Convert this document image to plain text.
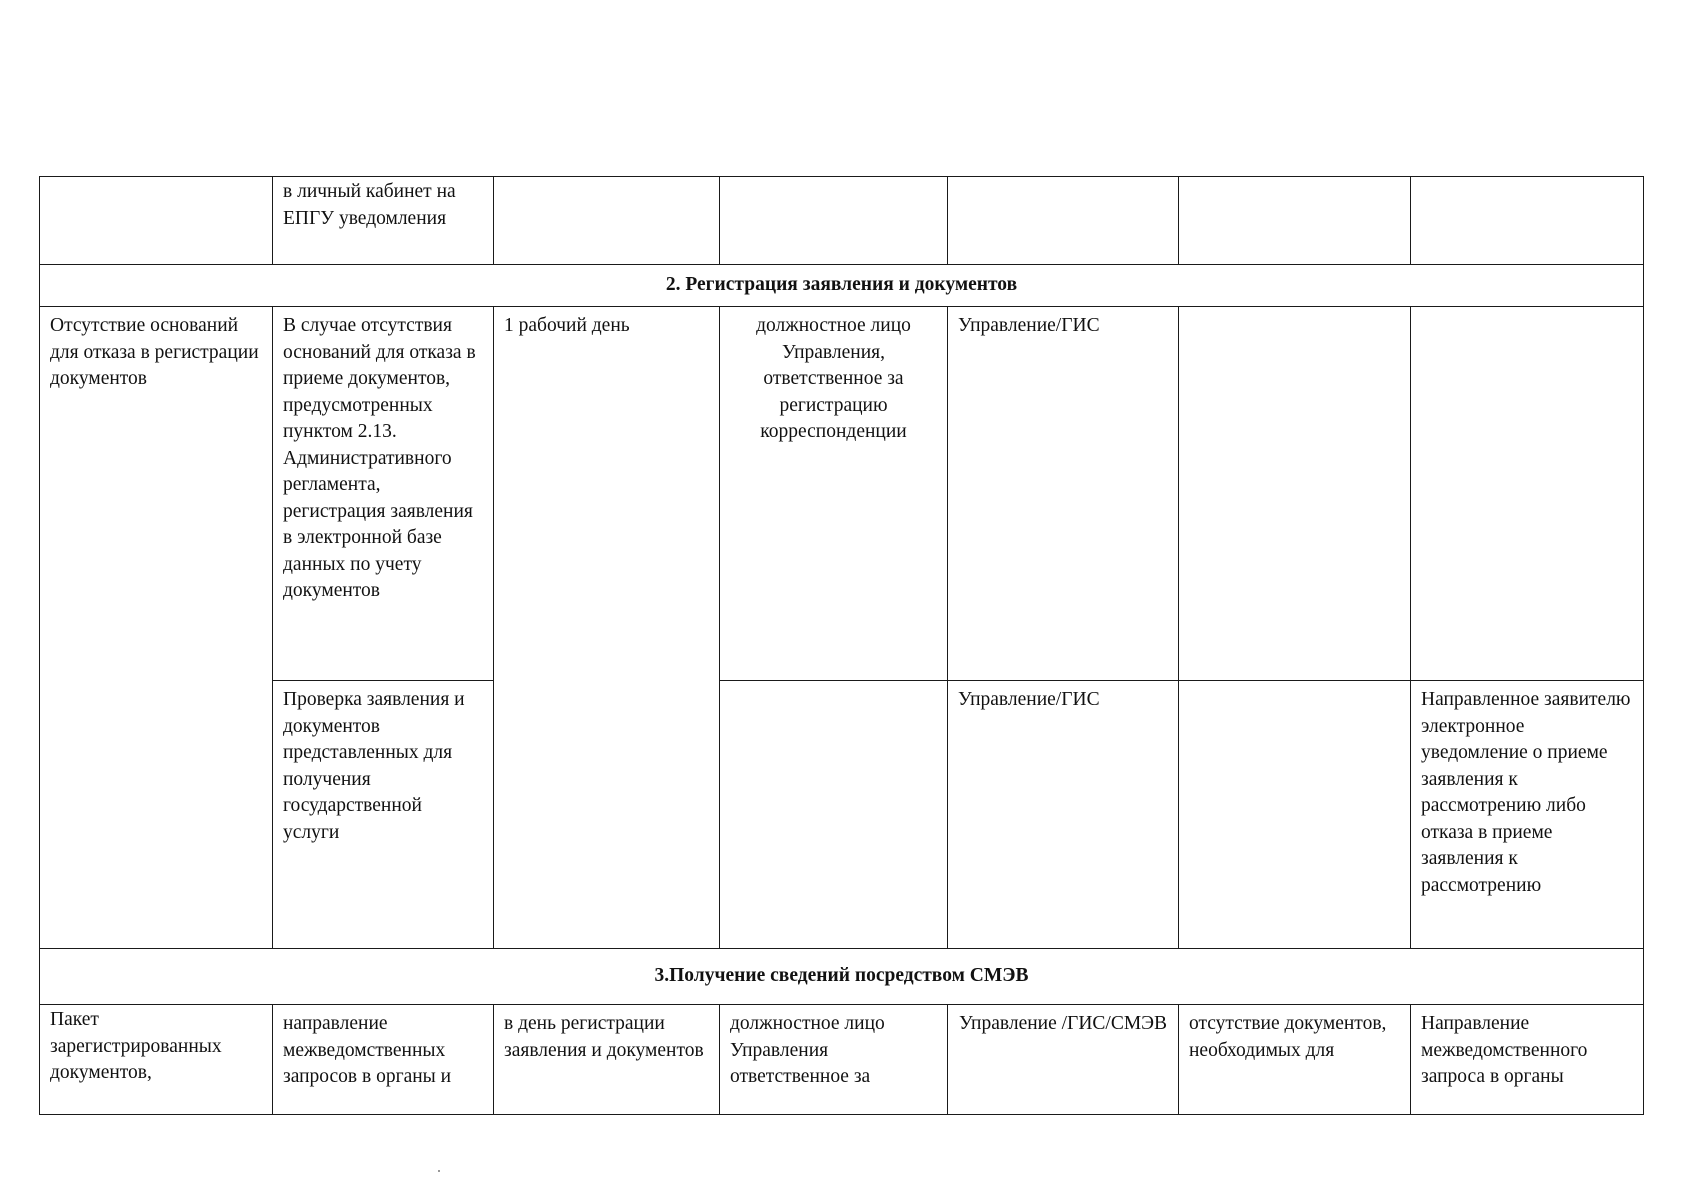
	в личный кабинет на ЕПГУ уведомления					
2. Регистрация заявления и документов						
Отсутствие оснований для отказа в регистрации документов	В случае отсутствия оснований для отказа в приеме документов, предусмотренных пунктом 2.13. Административного регламента, регистрация заявления в электронной базе данных по учету документов	1 рабочий день	должностное лицо Управления, ответственное за регистрацию корреспонденции	Управление/ГИС		
	Проверка заявления и документов представленных для получения государственной услуги			Управление/ГИС		Направленное заявителю электронное уведомление о приеме заявления к рассмотрению либо отказа в приеме заявления к рассмотрению
3.Получение сведений посредством СМЭВ						
Пакет зарегистрированных документов,	направление межведомственных запросов в органы и	в день регистрации заявления и документов	должностное лицо Управления ответственное за	Управление /ГИС/СМЭВ	отсутствие документов, необходимых для	Направление межведомственного запроса в органы
